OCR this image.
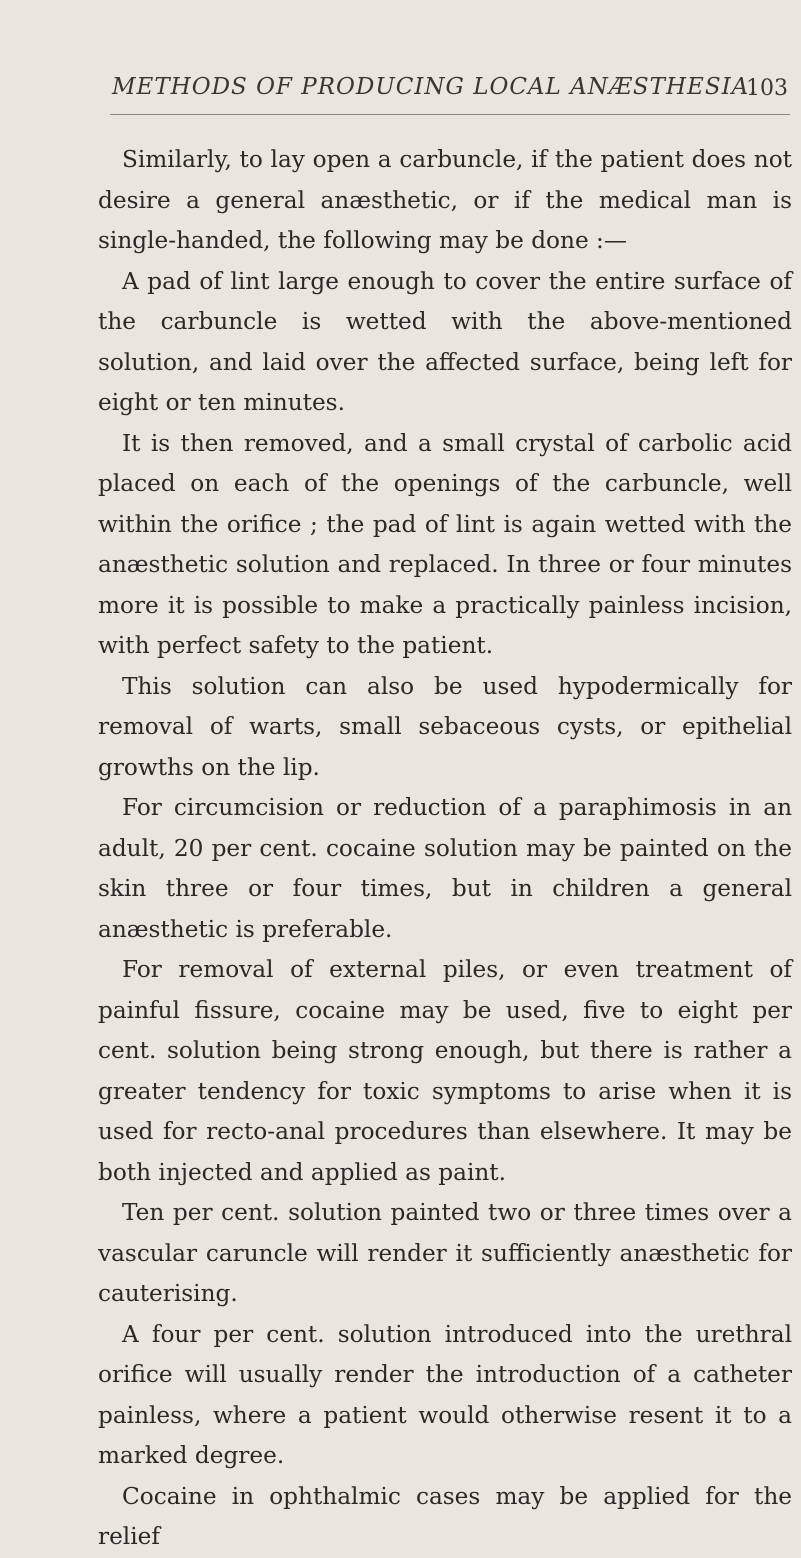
METHODS OF PRODUCING LOCAL ANÆSTHESIA.
103

Similarly, to lay open a carbuncle, if the patient does not desire a general anæsthetic, or if the medical man is single-handed, the following may be done :—

A pad of lint large enough to cover the entire surface of the carbuncle is wetted with the above-mentioned solution, and laid over the affected surface, being left for eight or ten minutes.

It is then removed, and a small crystal of carbolic acid placed on each of the openings of the carbuncle, well within the orifice ; the pad of lint is again wetted with the anæsthetic solution and replaced. In three or four minutes more it is possible to make a practically painless incision, with perfect safety to the patient.

This solution can also be used hypodermically for removal of warts, small sebaceous cysts, or epithelial growths on the lip.

For circumcision or reduction of a paraphimosis in an adult, 20 per cent. cocaine solution may be painted on the skin three or four times, but in children a general anæsthetic is preferable.

For removal of external piles, or even treatment of painful fissure, cocaine may be used, five to eight per cent. solution being strong enough, but there is rather a greater tendency for toxic symptoms to arise when it is used for recto-anal procedures than elsewhere. It may be both injected and applied as paint.

Ten per cent. solution painted two or three times over a vascular caruncle will render it sufficiently anæsthetic for cauterising.

A four per cent. solution introduced into the urethral orifice will usually render the introduction of a catheter painless, where a patient would otherwise resent it to a marked degree.

Cocaine in ophthalmic cases may be applied for the relief
